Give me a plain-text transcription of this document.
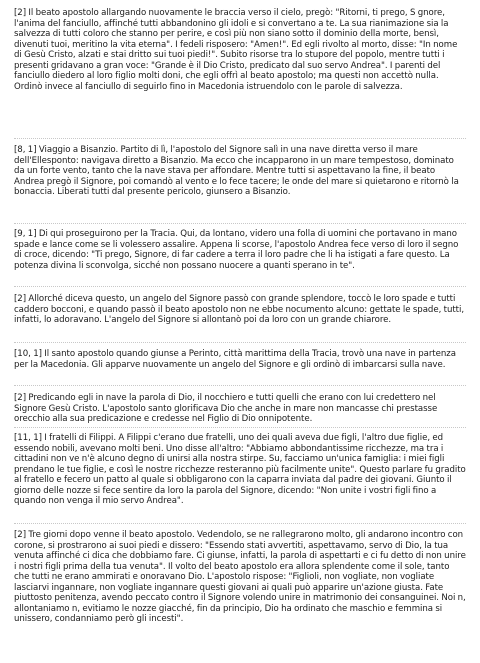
[2] Il beato apostolo allargando nuovamente le braccia verso il cielo, pregò: "Ritorni, ti prego, S gnore, l'anima del fanciullo, affinché tutti abbandonino gli idoli e si convertano a te. La sua rianimazione sia la salvezza di tutti coloro che stanno per perire, e così più non siano sotto il dominio della morte, bensì, divenuti tuoi, meritino la vita eterna". I fedeli risposero: "Amen!". Ed egli rivolto al morto, disse: "In nome di Gesù Cristo, alzati e stai dritto sui tuoi piedi!". Subito risorse tra lo stupore del popolo, mentre tutti i presenti gridavano a gran voce: "Grande è il Dio Cristo, predicato dal suo servo Andrea". I parenti del fanciullo diedero al loro figlio molti doni, che egli offrì al beato apostolo; ma questi non accettò nulla. Ordinò invece al fanciullo di seguirlo fino in Macedonia istruendolo con le parole di salvezza.

[8, 1] Viaggio a Bisanzio. Partito di lì, l'apostolo del Signore salì in una nave diretta verso il mare dell'Ellesponto: navigava diretto a Bisanzio. Ma ecco che incapparono in un mare tempestoso, dominato da un forte vento, tanto che la nave stava per affondare. Mentre tutti si aspettavano la fine, il beato Andrea pregò il Signore, poi comandò al vento e lo fece tacere; le onde del mare si quietarono e ritornò la bonaccia. Liberati tutti dal presente pericolo, giunsero a Bisanzio.

[9, 1] Di qui proseguirono per la Tracia. Qui, da lontano, videro una folla di uomini che portavano in mano spade e lance come se li volessero assalire. Appena li scorse, l'apostolo Andrea fece verso di loro il segno di croce, dicendo: "Ti prego, Signore, di far cadere a terra il loro padre che li ha istigati a fare questo. La potenza divina li sconvolga, sicché non possano nuocere a quanti sperano in te".

[2] Allorché diceva questo, un angelo del Signore passò con grande splendore, toccò le loro spade e tutti caddero bocconi, e quando passò il beato apostolo non ne ebbe nocumento alcuno: gettate le spade, tutti, infatti, lo adoravano. L'angelo del Signore si allontanò poi da loro con un grande chiarore.

[10, 1] Il santo apostolo quando giunse a Perinto, città marittima della Tracia, trovò una nave in partenza per la Macedonia. Gli apparve nuovamente un angelo del Signore e gli ordinò di imbarcarsi sulla nave.

[2] Predicando egli in nave la parola di Dio, il nocchiero e tutti quelli che erano con lui credettero nel Signore Gesù Cristo. L'apostolo santo glorificava Dio che anche in mare non mancasse chi prestasse orecchio alla sua predicazione e credesse nel Figlio di Dio onnipotente.

[11, 1] I fratelli di Filippi. A Filippi c'erano due fratelli, uno dei quali aveva due figli, l'altro due figlie, ed essendo nobili, avevano molti beni. Uno disse all'altro: "Abbiamo abbondantissime ricchezze, ma tra i cittadini non ve n'è alcuno degno di unirsi alla nostra stirpe. Su, facciamo un'unica famiglia: i miei figli prendano le tue figlie, e così le nostre ricchezze resteranno più facilmente unite". Questo parlare fu gradito al fratello e fecero un patto al quale si obbligarono con la caparra inviata dal padre dei giovani. Giunto il giorno delle nozze si fece sentire da loro la parola del Signore, dicendo: "Non unite i vostri figli fino a quando non venga il mio servo Andrea".

[2] Tre giorni dopo venne il beato apostolo. Vedendolo, se ne rallegrarono molto, gli andarono incontro con corone, si prostrarono ai suoi piedi e dissero: "Essendo stati avvertiti, aspettavamo, servo di Dio, la tua venuta affinché ci dica che dobbiamo fare. Ci giunse, infatti, la parola di aspettarti e ci fu detto di non unire i nostri figli prima della tua venuta". Il volto del beato apostolo era allora splendente come il sole, tanto che tutti ne erano ammirati e onoravano Dio. L'apostolo rispose: "Figlioli, non vogliate, non vogliate lasciarvi ingannare, non vogliate ingannare questi giovani ai quali può apparire un'azione giusta. Fate piuttosto penitenza, avendo peccato contro il Signore volendo unire in matrimonio dei consanguinei. Noi n, allontaniamo n, evitiamo le nozze giacché, fin da principio, Dio ha ordinato che maschio e femmina si unissero, condanniamo però gli incesti".
